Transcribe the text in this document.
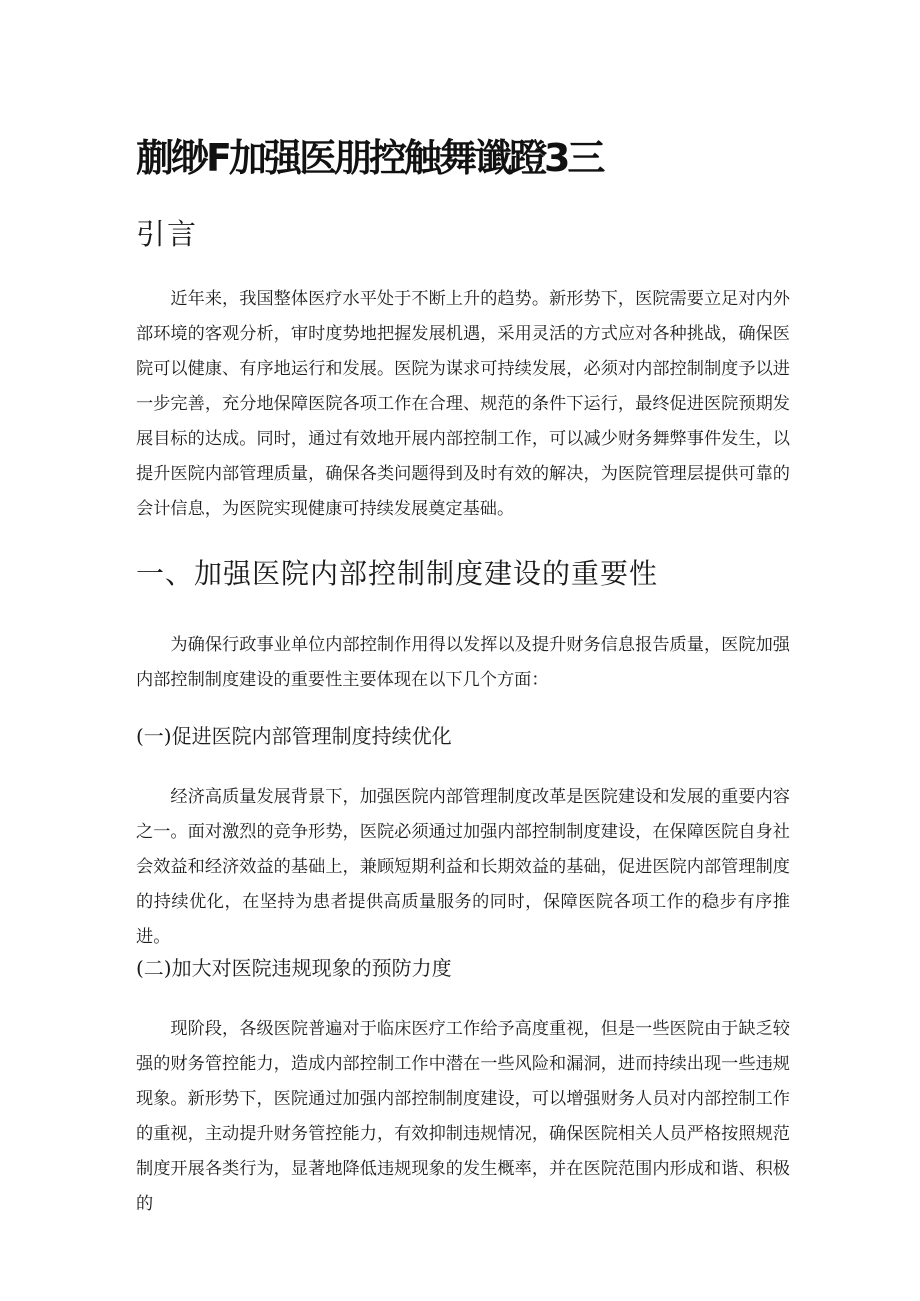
蒯缈F加强医朋控触舞谶蹬3三
引言

近年来，我国整体医疗水平处于不断上升的趋势。新形势下，医院需要立足对内外部环境的客观分析，审时度势地把握发展机遇，采用灵活的方式应对各种挑战，确保医院可以健康、有序地运行和发展。医院为谋求可持续发展，必须对内部控制制度予以进一步完善，充分地保障医院各项工作在合理、规范的条件下运行，最终促进医院预期发展目标的达成。同时，通过有效地开展内部控制工作，可以减少财务舞弊事件发生，以提升医院内部管理质量，确保各类问题得到及时有效的解决，为医院管理层提供可靠的会计信息，为医院实现健康可持续发展奠定基础。

一、加强医院内部控制制度建设的重要性

为确保行政事业单位内部控制作用得以发挥以及提升财务信息报告质量，医院加强内部控制制度建设的重要性主要体现在以下几个方面：

(一)促进医院内部管理制度持续优化

经济高质量发展背景下，加强医院内部管理制度改革是医院建设和发展的重要内容之一。面对激烈的竞争形势，医院必须通过加强内部控制制度建设，在保障医院自身社会效益和经济效益的基础上，兼顾短期利益和长期效益的基础，促进医院内部管理制度的持续优化，在坚持为患者提供高质量服务的同时，保障医院各项工作的稳步有序推进。

(二)加大对医院违规现象的预防力度

现阶段，各级医院普遍对于临床医疗工作给予高度重视，但是一些医院由于缺乏较强的财务管控能力，造成内部控制工作中潜在一些风险和漏洞，进而持续出现一些违规现象。新形势下，医院通过加强内部控制制度建设，可以增强财务人员对内部控制工作的重视，主动提升财务管控能力，有效抑制违规情况，确保医院相关人员严格按照规范制度开展各类行为，显著地降低违规现象的发生概率，并在医院范围内形成和谐、积极的
